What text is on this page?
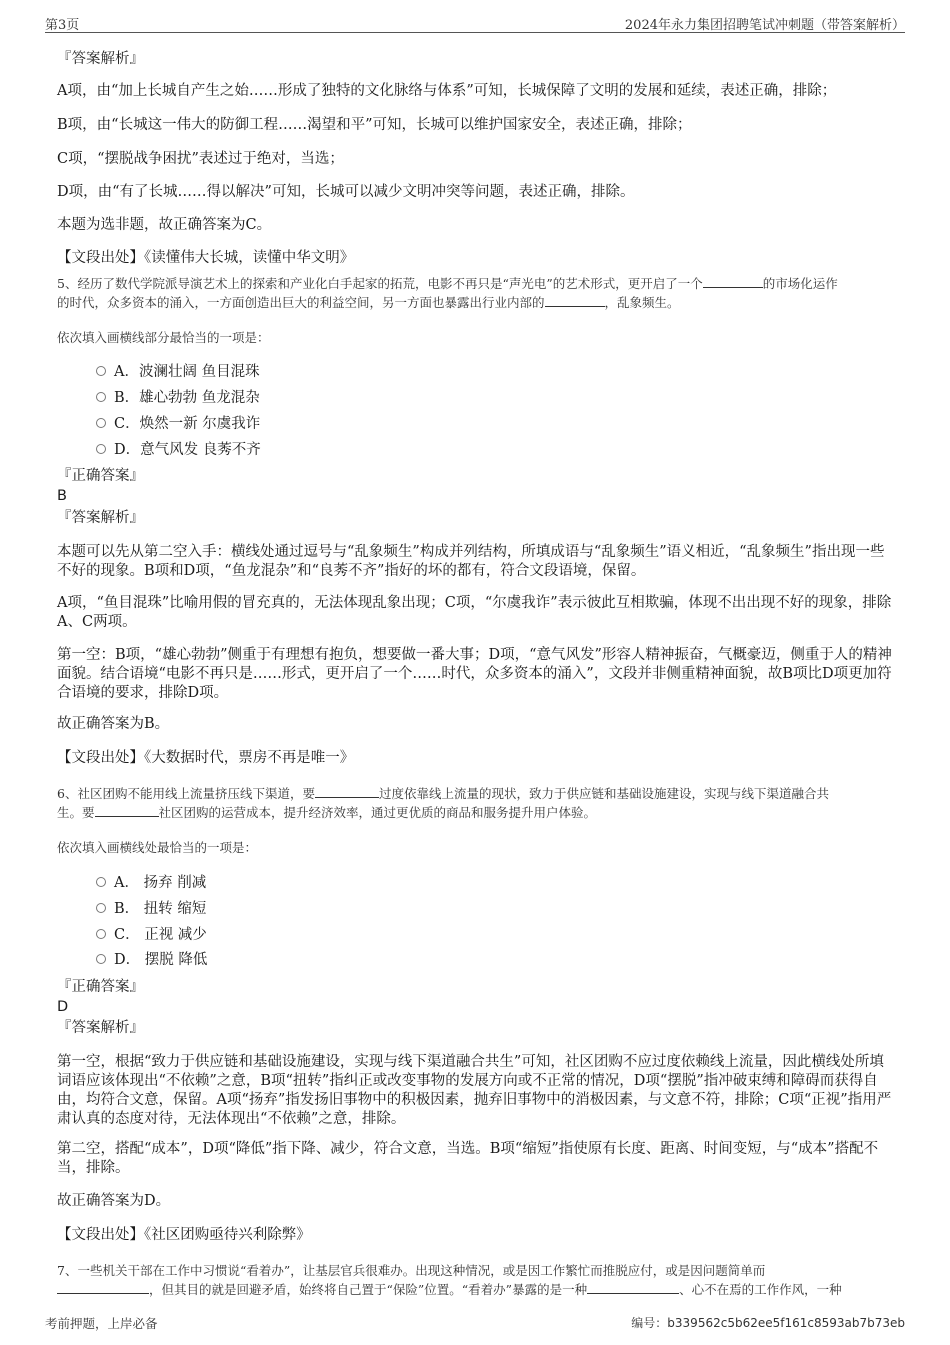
第3页	2024年永力集团招聘笔试冲刺题（带答案解析）
『答案解析』
A项，由“加上长城自产生之始……形成了独特的文化脉络与体系”可知，长城保障了文明的发展和延续，表述正确，排除；
B项，由“长城这一伟大的防御工程……渴望和平”可知，长城可以维护国家安全，表述正确，排除；
C项，“摆脱战争困扰”表述过于绝对，当选；
D项，由“有了长城……得以解决”可知，长城可以减少文明冲突等问题，表述正确，排除。
本题为选非题，故正确答案为C。
【文段出处】《读懂伟大长城，读懂中华文明》
5、经历了数代学院派导演艺术上的探索和产业化白手起家的拓荒，电影不再只是“声光电”的艺术形式，更开启了一个	的市场化运作
的时代，众多资本的涌入，一方面创造出巨大的利益空间，另一方面也暴露出行业内部的	，乱象频生。
依次填入画横线部分最恰当的一项是：
A．波澜壮阔 鱼目混珠
B．雄心勃勃 鱼龙混杂
C．焕然一新 尔虞我诈
D．意气风发 良莠不齐
『正确答案』
B
『答案解析』
本题可以先从第二空入手：横线处通过逗号与“乱象频生”构成并列结构，所填成语与“乱象频生”语义相近，“乱象频生”指出现一些不好的现象。B项和D项，“鱼龙混杂”和“良莠不齐”指好的坏的都有，符合文段语境，保留。
A项，“鱼目混珠”比喻用假的冒充真的，无法体现乱象出现；C项，“尔虞我诈”表示彼此互相欺骗，体现不出出现不好的现象，排除A、C两项。
第一空：B项，“雄心勃勃”侧重于有理想有抱负，想要做一番大事；D项，“意气风发”形容人精神振奋，气概豪迈，侧重于人的精神面貌。结合语境“电影不再只是……形式，更开启了一个……时代，众多资本的涌入”，文段并非侧重精神面貌，故B项比D项更加符合语境的要求，排除D项。
故正确答案为B。
【文段出处】《大数据时代，票房不再是唯一》
6、社区团购不能用线上流量挤压线下渠道，要	过度依靠线上流量的现状，致力于供应链和基础设施建设，实现与线下渠道融合共
生。要	社区团购的运营成本，提升经济效率，通过更优质的商品和服务提升用户体验。
依次填入画横线处最恰当的一项是：
A． 扬弃 削减
B． 扭转 缩短
C． 正视 减少
D． 摆脱 降低
『正确答案』
D
『答案解析』
第一空，根据“致力于供应链和基础设施建设，实现与线下渠道融合共生”可知，社区团购不应过度依赖线上流量，因此横线处所填词语应该体现出“不依赖”之意，B项“扭转”指纠正或改变事物的发展方向或不正常的情况，D项“摆脱”指冲破束缚和障碍而获得自由，均符合文意，保留。A项“扬弃”指发扬旧事物中的积极因素，抛弃旧事物中的消极因素，与文意不符，排除；C项“正视”指用严肃认真的态度对待，无法体现出“不依赖”之意，排除。
第二空，搭配“成本”，D项“降低”指下降、减少，符合文意，当选。B项“缩短”指使原有长度、距离、时间变短，与“成本”搭配不当，排除。
故正确答案为D。
【文段出处】《社区团购亟待兴利除弊》
7、一些机关干部在工作中习惯说“看着办”，让基层官兵很难办。出现这种情况，或是因工作繁忙而推脱应付，或是因问题简单而
，但其目的就是回避矛盾，始终将自己置于“保险”位置。“看着办”暴露的是一种	、心不在焉的工作作风，一种
考前押题，上岸必备	编号：b339562c5b62ee5f161c8593ab7b73eb
